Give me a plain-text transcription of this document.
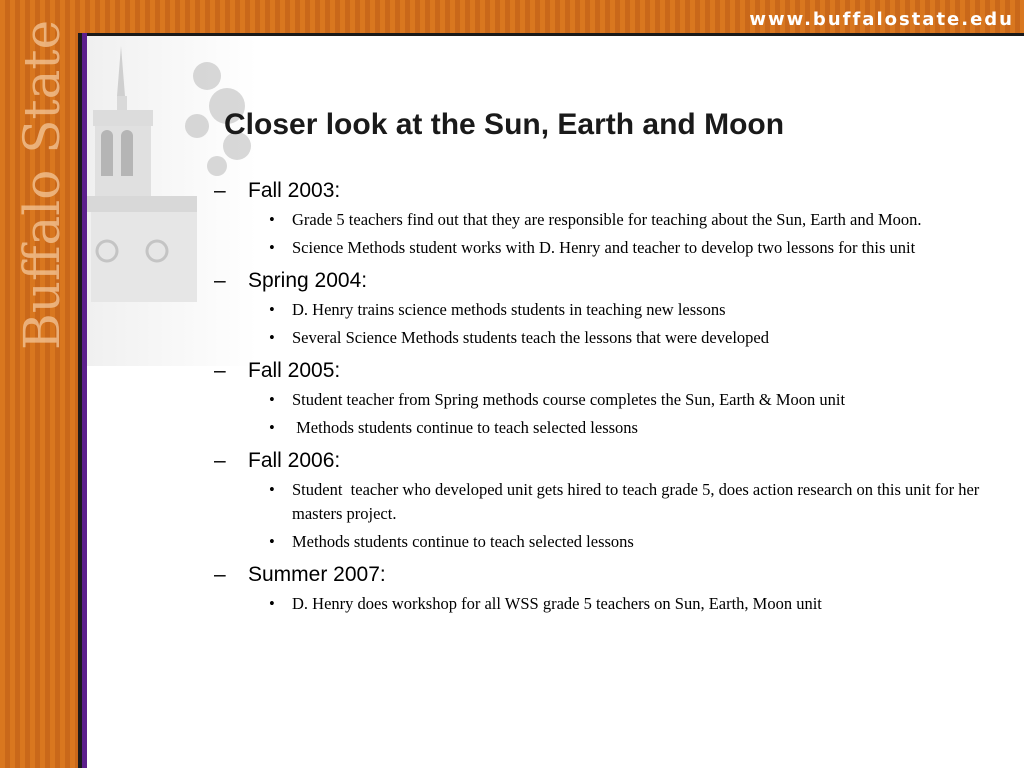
www.buffalostate.edu
Buffalo State	Closer look at the Sun, Earth and Moon
– Fall 2003:
• Grade 5 teachers find out that they are responsible for teaching about the Sun, Earth and Moon.
• Science Methods student works with D. Henry and teacher to develop two lessons for this unit
– Spring 2004:
• D. Henry trains science methods students in teaching new lessons
• Several Science Methods students teach the lessons that were developed
– Fall 2005:
• Student teacher from Spring methods course completes the Sun, Earth & Moon unit
• Methods students continue to teach selected lessons
– Fall 2006:
• Student  teacher who developed unit gets hired to teach grade 5, does action research on this unit for her masters project.
• Methods students continue to teach selected lessons
– Summer 2007:
• D. Henry does workshop for all WSS grade 5 teachers on Sun, Earth, Moon unit
